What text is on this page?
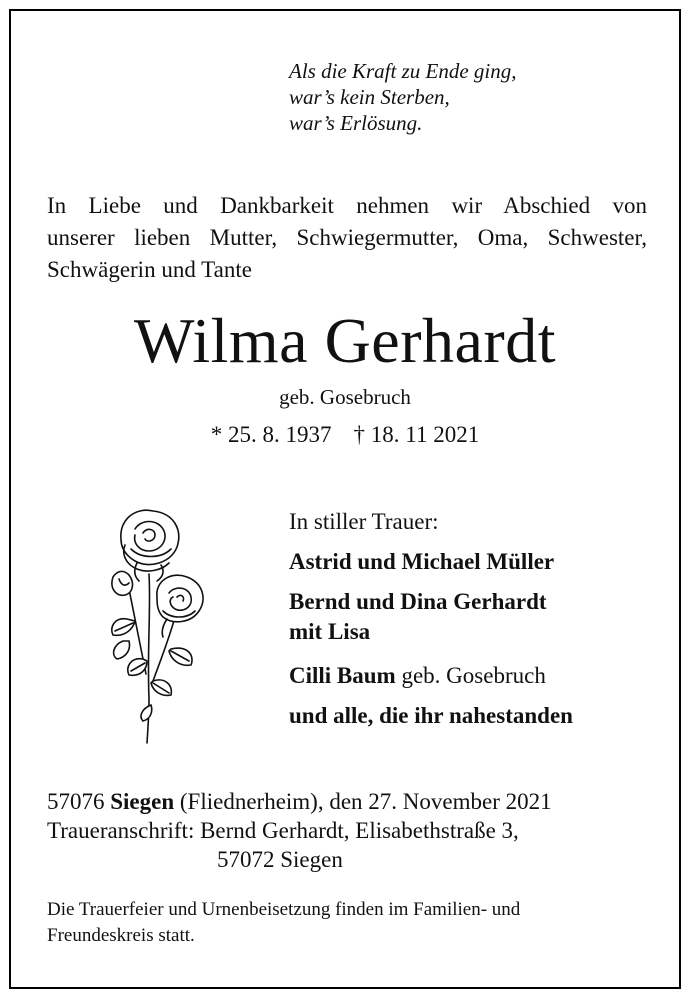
Als die Kraft zu Ende ging,
war’s kein Sterben,
war’s Erlösung.
In Liebe und Dankbarkeit nehmen wir Abschied von
unserer lieben Mutter, Schwiegermutter, Oma, Schwester,
Schwägerin und Tante
Wilma Gerhardt
geb. Gosebruch
* 25. 8. 1937 † 18. 11 2021
In stiller Trauer:
Astrid und Michael Müller
Bernd und Dina Gerhardt
mit Lisa
Cilli Baum geb. Gosebruch
und alle, die ihr nahestanden
57076 Siegen (Fliednerheim), den 27. November 2021
Traueranschrift: Bernd Gerhardt, Elisabethstraße 3,
57072 Siegen
Die Trauerfeier und Urnenbeisetzung finden im Familien- und
Freundeskreis statt.
